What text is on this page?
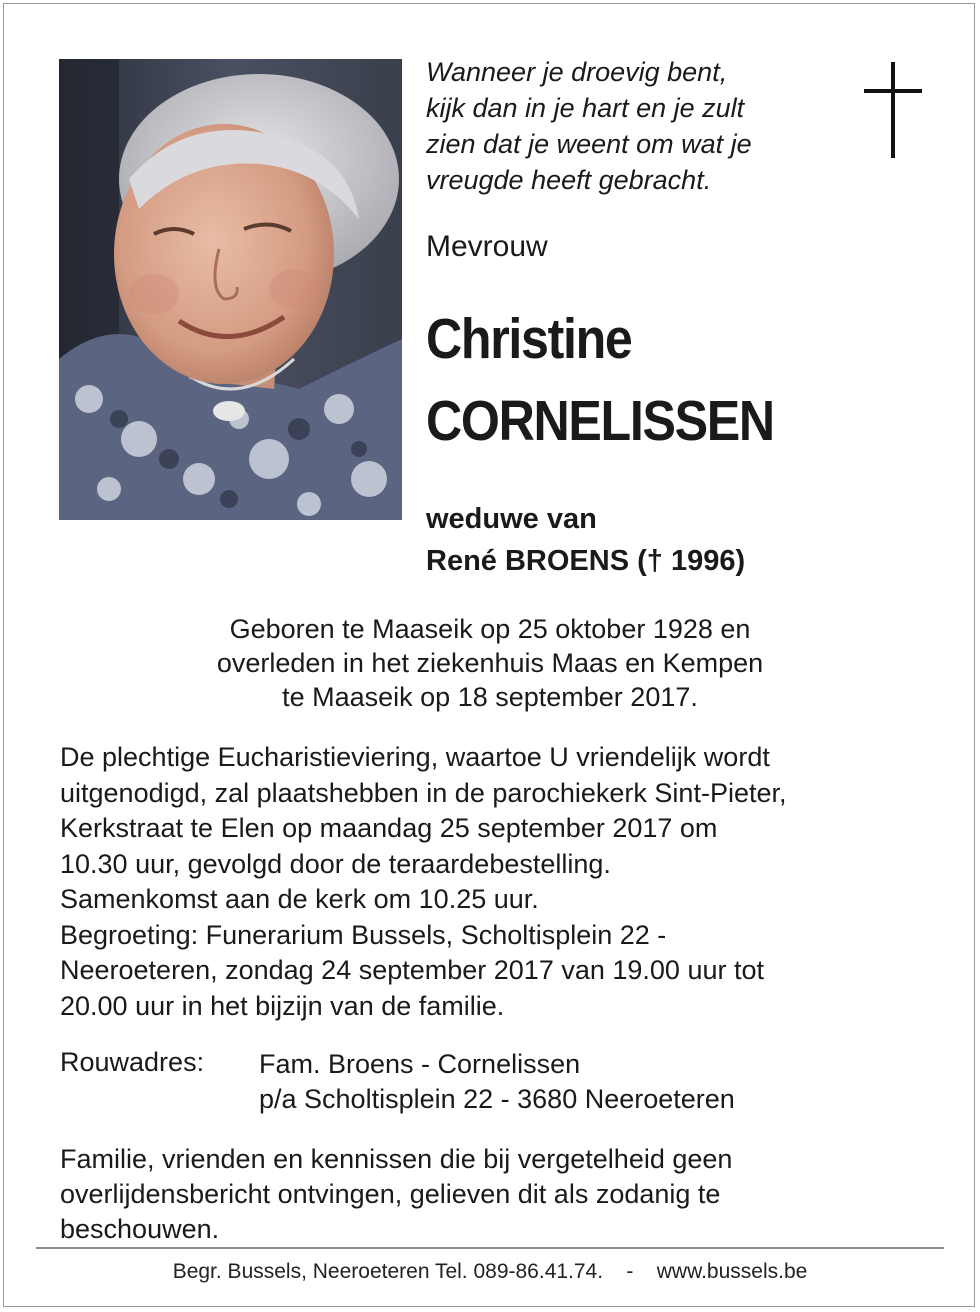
Wanneer je droevig bent,
kijk dan in je hart en je zult
zien dat je weent om wat je
vreugde heeft gebracht.
Mevrouw
Christine
CORNELISSEN
weduwe van
René BROENS († 1996)
Geboren te Maaseik op 25 oktober 1928 en
overleden in het ziekenhuis Maas en Kempen
te Maaseik op 18 september 2017.
De plechtige Eucharistieviering, waartoe U vriendelijk wordt
uitgenodigd, zal plaatshebben in de parochiekerk Sint-Pieter,
Kerkstraat te Elen op maandag 25 september 2017 om
10.30 uur, gevolgd door de teraardebestelling.
Samenkomst aan de kerk om 10.25 uur.
Begroeting: Funerarium Bussels, Scholtisplein 22 -
Neeroeteren, zondag 24 september 2017 van 19.00 uur tot
20.00 uur in het bijzijn van de familie.
Rouwadres: Fam. Broens - Cornelissen
p/a Scholtisplein 22 - 3680 Neeroeteren
Familie, vrienden en kennissen die bij vergetelheid geen
overlijdensbericht ontvingen, gelieven dit als zodanig te
beschouwen.
Begr. Bussels, Neeroeteren Tel. 089-86.41.74.    -    www.bussels.be
